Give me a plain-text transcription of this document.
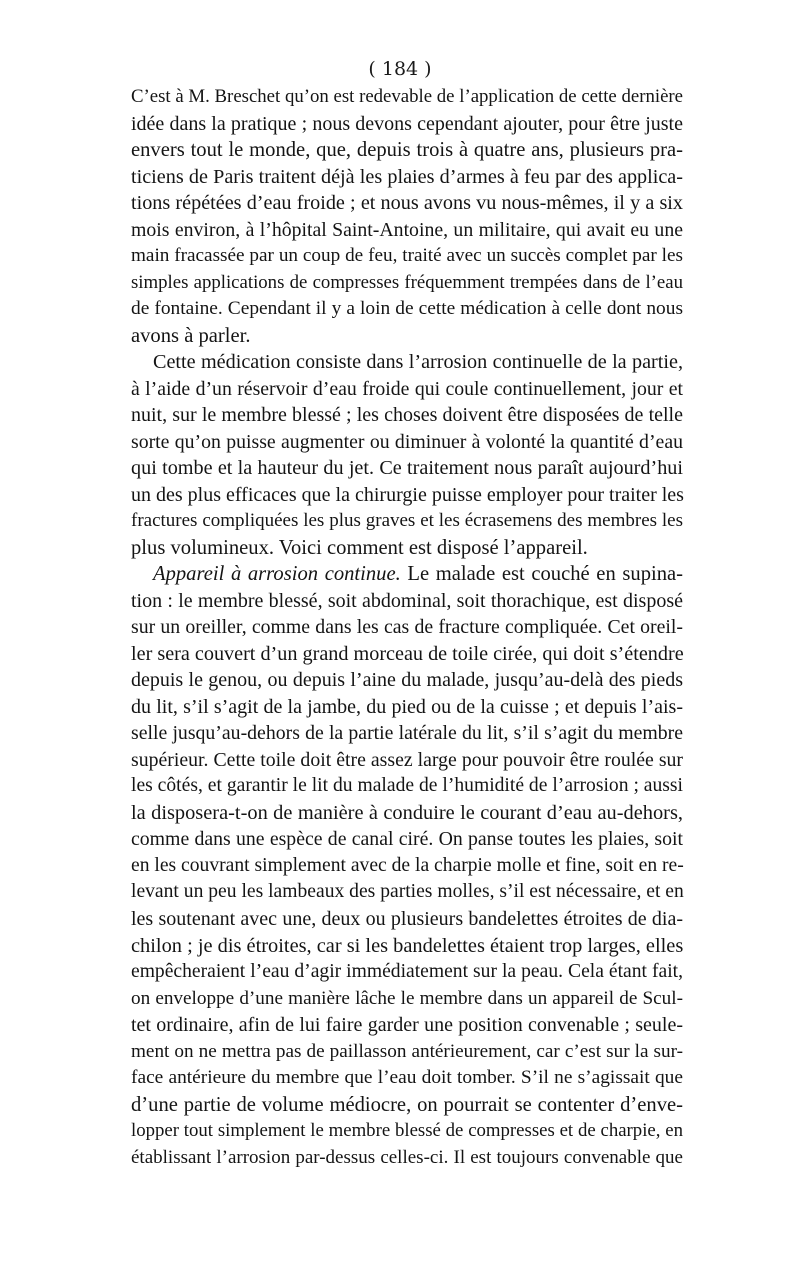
( 184 )
C’est à M. Breschet qu’on est redevable de l’application de cette dernière
idée dans la pratique ; nous devons cependant ajouter, pour être juste
envers tout le monde, que, depuis trois à quatre ans, plusieurs pra-
ticiens de Paris traitent déjà les plaies d’armes à feu par des applica-
tions répétées d’eau froide ; et nous avons vu nous-mêmes, il y a six
mois environ, à l’hôpital Saint-Antoine, un militaire, qui avait eu une
main fracassée par un coup de feu, traité avec un succès complet par les
simples applications de compresses fréquemment trempées dans de l’eau
de fontaine. Cependant il y a loin de cette médication à celle dont nous
avons à parler.
Cette médication consiste dans l’arrosion continuelle de la partie,
à l’aide d’un réservoir d’eau froide qui coule continuellement, jour et
nuit, sur le membre blessé ; les choses doivent être disposées de telle
sorte qu’on puisse augmenter ou diminuer à volonté la quantité d’eau
qui tombe et la hauteur du jet. Ce traitement nous paraît aujourd’hui
un des plus efficaces que la chirurgie puisse employer pour traiter les
fractures compliquées les plus graves et les écrasemens des membres les
plus volumineux. Voici comment est disposé l’appareil.
Appareil à arrosion continue. Le malade est couché en supina-
tion : le membre blessé, soit abdominal, soit thorachique, est disposé
sur un oreiller, comme dans les cas de fracture compliquée. Cet oreil-
ler sera couvert d’un grand morceau de toile cirée, qui doit s’étendre
depuis le genou, ou depuis l’aine du malade, jusqu’au-delà des pieds
du lit, s’il s’agit de la jambe, du pied ou de la cuisse ; et depuis l’ais-
selle jusqu’au-dehors de la partie latérale du lit, s’il s’agit du membre
supérieur. Cette toile doit être assez large pour pouvoir être roulée sur
les côtés, et garantir le lit du malade de l’humidité de l’arrosion ; aussi
la disposera-t-on de manière à conduire le courant d’eau au-dehors,
comme dans une espèce de canal ciré. On panse toutes les plaies, soit
en les couvrant simplement avec de la charpie molle et fine, soit en re-
levant un peu les lambeaux des parties molles, s’il est nécessaire, et en
les soutenant avec une, deux ou plusieurs bandelettes étroites de dia-
chilon ; je dis étroites, car si les bandelettes étaient trop larges, elles
empêcheraient l’eau d’agir immédiatement sur la peau. Cela étant fait,
on enveloppe d’une manière lâche le membre dans un appareil de Scul-
tet ordinaire, afin de lui faire garder une position convenable ; seule-
ment on ne mettra pas de paillasson antérieurement, car c’est sur la sur-
face antérieure du membre que l’eau doit tomber. S’il ne s’agissait que
d’une partie de volume médiocre, on pourrait se contenter d’enve-
lopper tout simplement le membre blessé de compresses et de charpie, en
établissant l’arrosion par-dessus celles-ci. Il est toujours convenable que
